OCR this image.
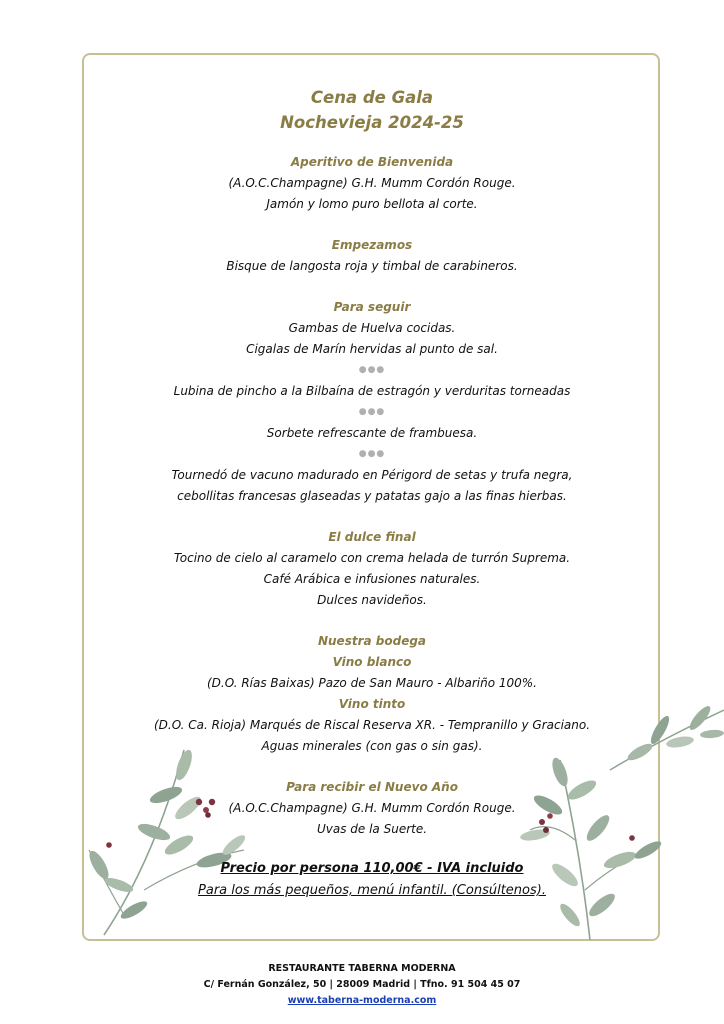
Cena de Gala
Nochevieja 2024-25
Aperitivo de Bienvenida
(A.O.C.Champagne) G.H. Mumm Cordón Rouge.
Jamón y lomo puro bellota al corte.
Empezamos
Bisque de langosta roja y timbal de carabineros.
Para seguir
Gambas de Huelva cocidas.
Cigalas de Marín hervidas al punto de sal.
●●●
Lubina de pincho a la Bilbaína de estragón y verduritas torneadas
●●●
Sorbete refrescante de frambuesa.
●●●
Tournedó de vacuno madurado en Périgord de setas y trufa negra,
cebollitas francesas glaseadas y patatas gajo a las finas hierbas.
El dulce final
Tocino de cielo al caramelo con crema helada de turrón Suprema.
Café Arábica e infusiones naturales.
Dulces navideños.
Nuestra bodega
Vino blanco
(D.O. Rías Baixas) Pazo de San Mauro - Albariño 100%.
Vino tinto
(D.O. Ca. Rioja) Marqués de Riscal Reserva XR. - Tempranillo y Graciano.
Aguas minerales (con gas o sin gas).
Para recibir el Nuevo Año
(A.O.C.Champagne) G.H. Mumm Cordón Rouge.
Uvas de la Suerte.
Precio por persona 110,00€ - IVA incluido
Para los más pequeños, menú infantil. (Consúltenos).
RESTAURANTE TABERNA MODERNA
C/ Fernán González, 50 | 28009 Madrid | Tfno. 91 504 45 07
www.taberna-moderna.com
